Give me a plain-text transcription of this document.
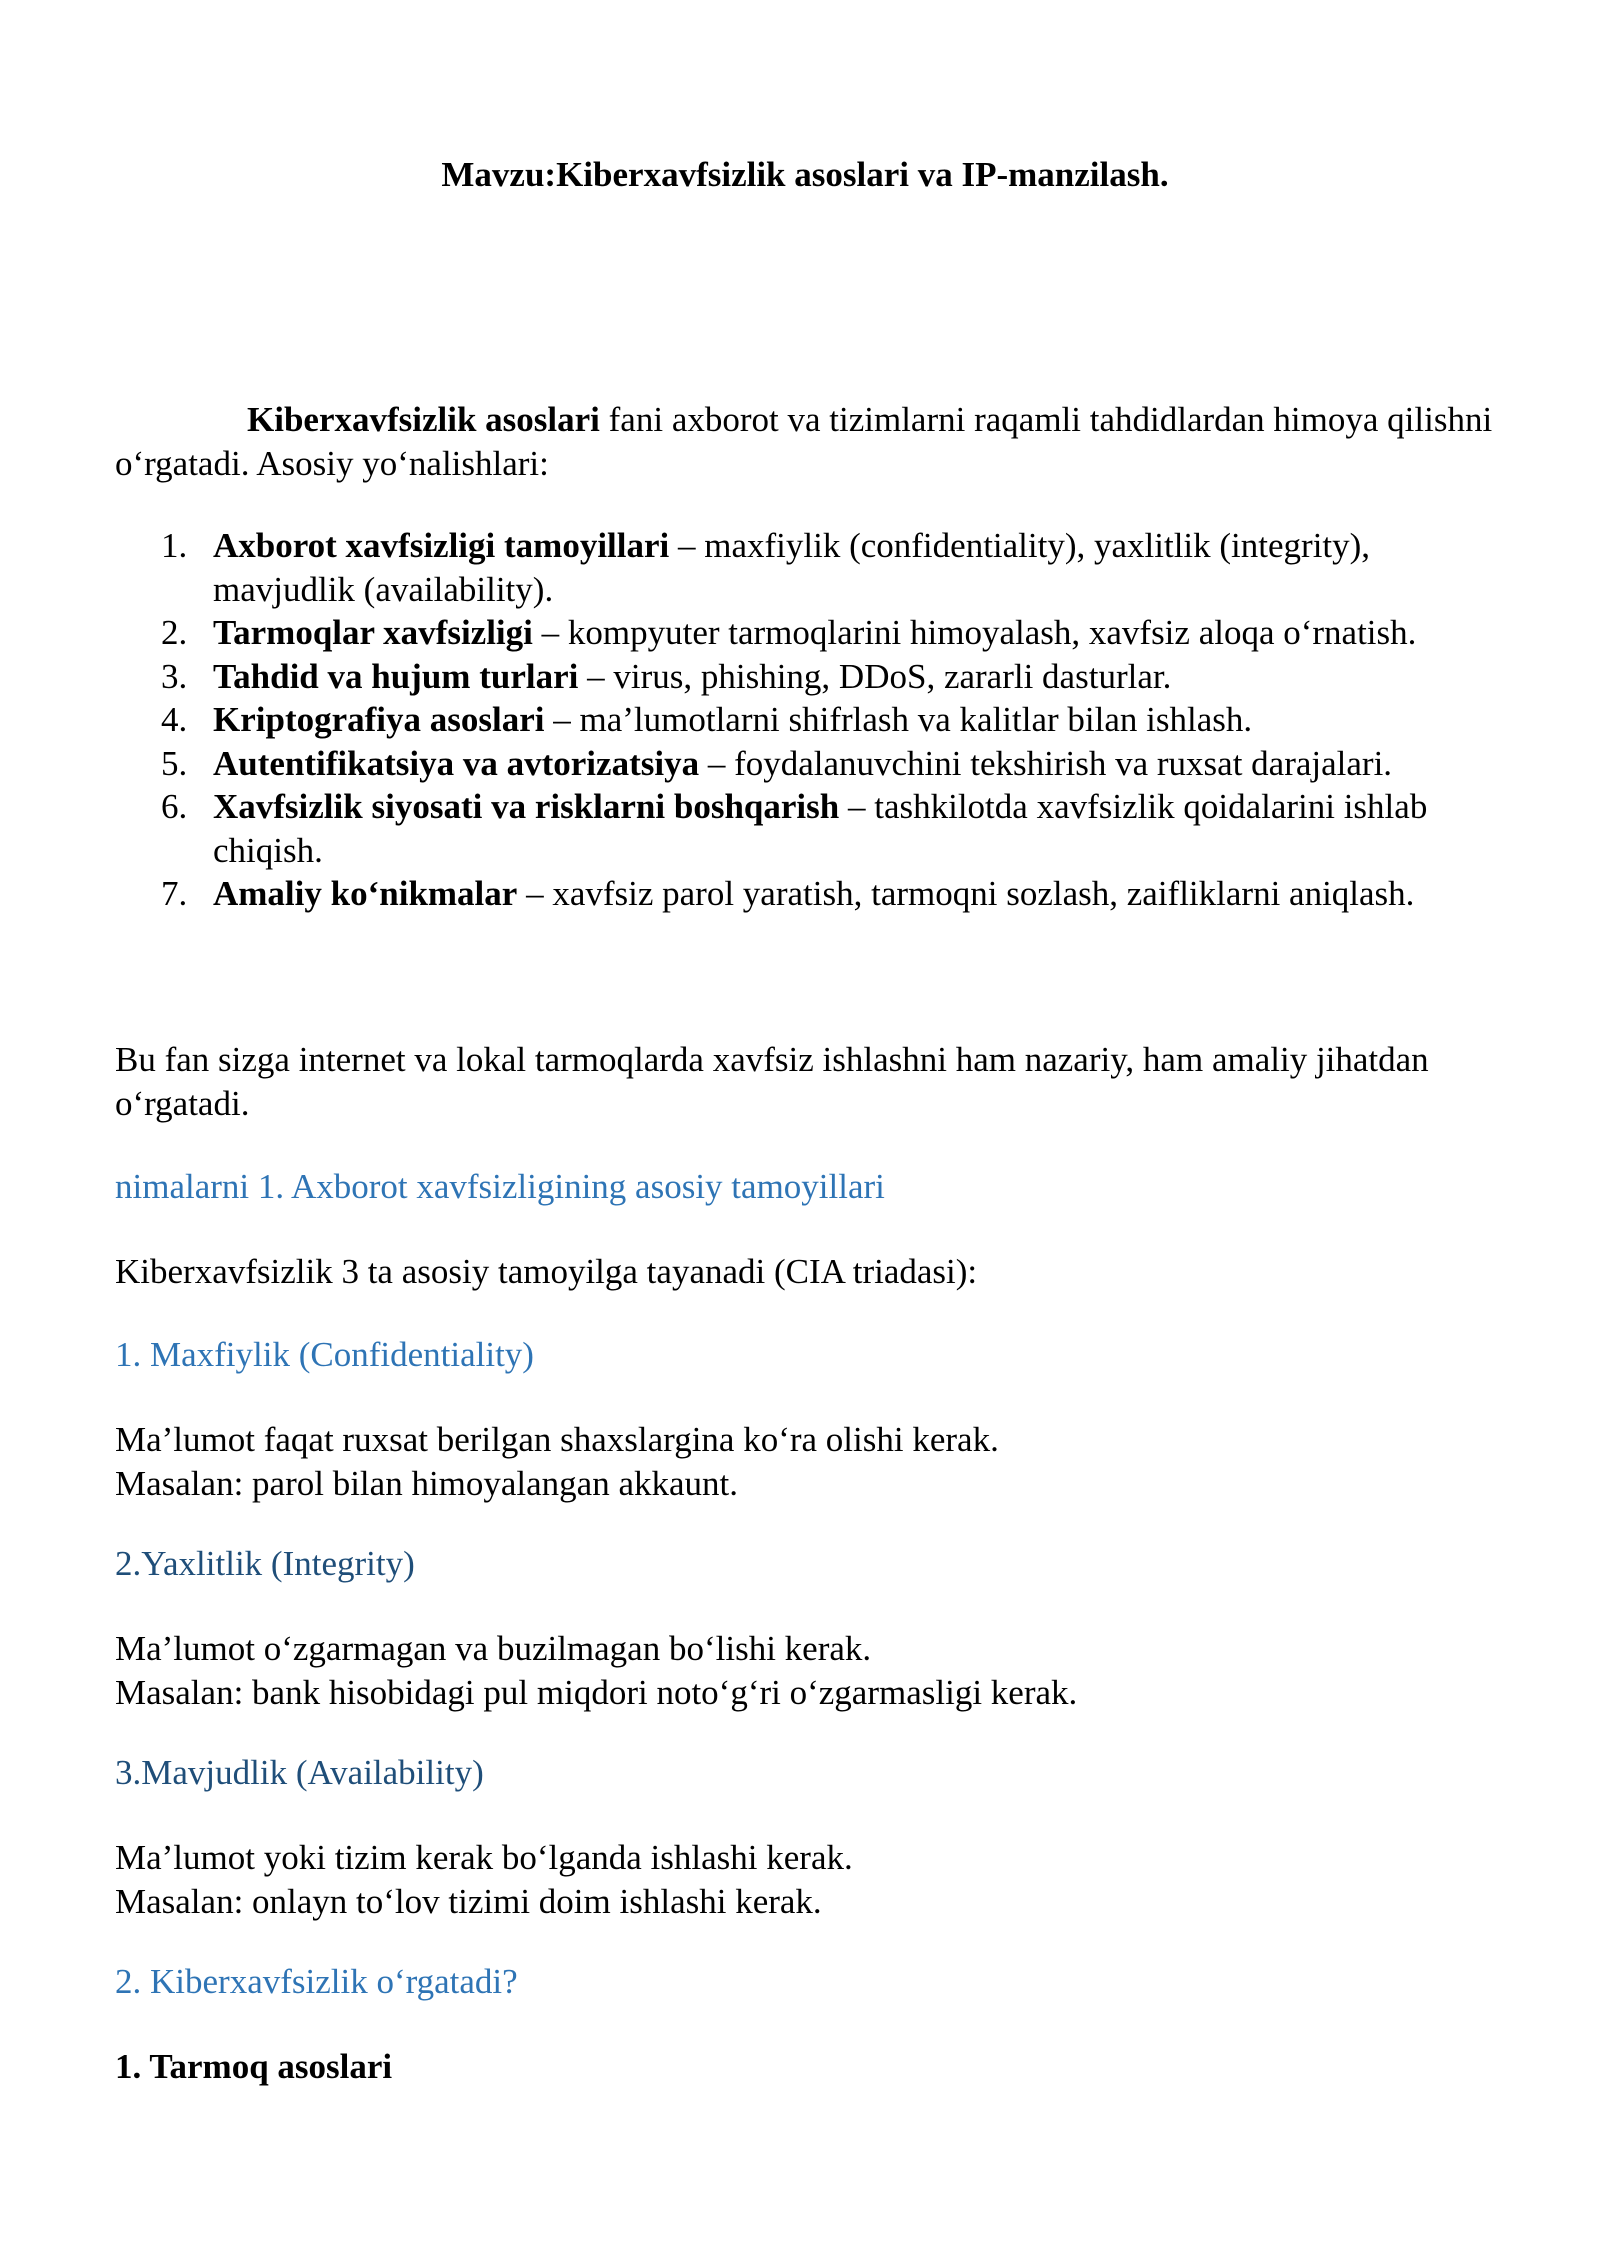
Mavzu:Kiberxavfsizlik asoslari va IP-manzilash.

Kiberxavfsizlik asoslari fani axborot va tizimlarni raqamli tahdidlardan himoya qilishni o‘rgatadi. Asosiy yo‘nalishlari:

1. Axborot xavfsizligi tamoyillari – maxfiylik (confidentiality), yaxlitlik (integrity), mavjudlik (availability).
2. Tarmoqlar xavfsizligi – kompyuter tarmoqlarini himoyalash, xavfsiz aloqa o‘rnatish.
3. Tahdid va hujum turlari – virus, phishing, DDoS, zararli dasturlar.
4. Kriptografiya asoslari – ma’lumotlarni shifrlash va kalitlar bilan ishlash.
5. Autentifikatsiya va avtorizatsiya – foydalanuvchini tekshirish va ruxsat darajalari.
6. Xavfsizlik siyosati va risklarni boshqarish – tashkilotda xavfsizlik qoidalarini ishlab chiqish.
7. Amaliy ko‘nikmalar – xavfsiz parol yaratish, tarmoqni sozlash, zaifliklarni aniqlash.

Bu fan sizga internet va lokal tarmoqlarda xavfsiz ishlashni ham nazariy, ham amaliy jihatdan o‘rgatadi.

nimalarni 1. Axborot xavfsizligining asosiy tamoyillari

Kiberxavfsizlik 3 ta asosiy tamoyilga tayanadi (CIA triadasi):

1. Maxfiylik (Confidentiality)

Ma’lumot faqat ruxsat berilgan shaxslargina ko‘ra olishi kerak.
Masalan: parol bilan himoyalangan akkaunt.

2.Yaxlitlik (Integrity)

Ma’lumot o‘zgarmagan va buzilmagan bo‘lishi kerak.
Masalan: bank hisobidagi pul miqdori noto‘g‘ri o‘zgarmasligi kerak.

3.Mavjudlik (Availability)

Ma’lumot yoki tizim kerak bo‘lganda ishlashi kerak.
Masalan: onlayn to‘lov tizimi doim ishlashi kerak.

2. Kiberxavfsizlik o‘rgatadi?

1. Tarmoq asoslari
